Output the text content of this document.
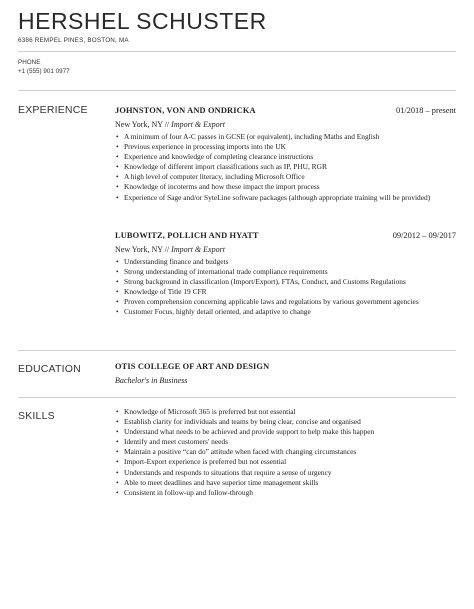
HERSHEL SCHUSTER
6386 REMPEL PINES, BOSTON, MA
PHONE
+1 (555) 901 0977
EXPERIENCE	JOHNSTON, VON AND ONDRICKA	01/2018 – present
New York, NY // Import & Export
• A minimum of four A-C passes in GCSE (or equivalent), including Maths and English
• Previous experience in processing imports into the UK
• Experience and knowledge of completing clearance instructions
• Knowledge of different import classifications such as IP, PHU, RGR
• A high level of computer literacy, including Microsoft Office
• Knowledge of incoterms and how these impact the import process
• Experience of Sage and/or SyteLine software packages (although appropriate training will be provided)
LUBOWITZ, POLLICH AND HYATT	09/2012 – 09/2017
New York, NY // Import & Export
• Understanding finance and budgets
• Strong understanding of international trade compliance requirements
• Strong background in classification (Import/Export), FTAs, Conduct, and Customs Regulations
• Knowledge of Title 19 CFR
• Proven comprehension concerning applicable laws and regulations by various government agencies
• Customer Focus, highly detail oriented, and adaptive to change
EDUCATION	OTIS COLLEGE OF ART AND DESIGN
Bachelor's in Business
SKILLS
•	Knowledge of Microsoft 365 is preferred but not essential
• Establish clarity for individuals and teams by being clear, concise and organised
• Understand what needs to be achieved and provide support to help make this happen
• Identify and meet customers' needs
• Maintain a positive “can do” attitude when faced with changing circumstances
• Import-Export experience is preferred but not essential
• Understands and responds to situations that require a sense of urgency
• Able to meet deadlines and have superior time management skills
• Consistent in follow-up and follow-through
